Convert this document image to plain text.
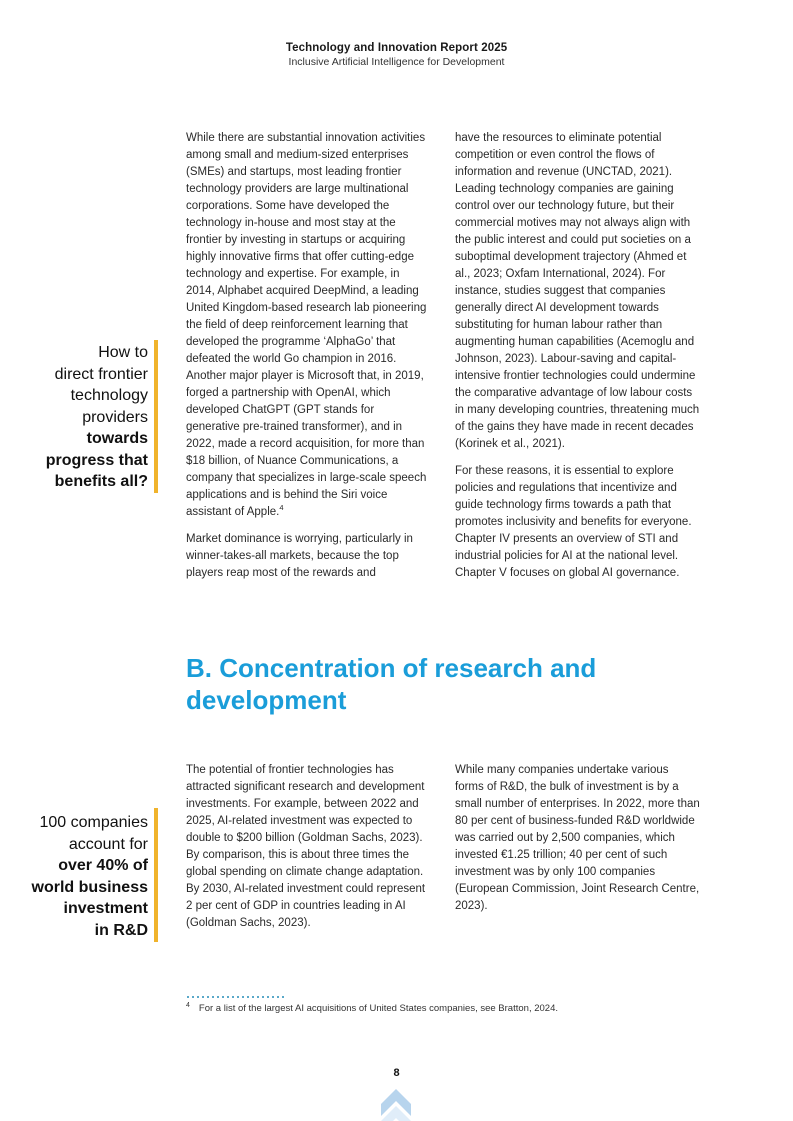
Technology and Innovation Report 2025
Inclusive Artificial Intelligence for Development
How to
direct frontier
technology
providers
towards
progress that
benefits all?

While there are substantial innovation activities among small and medium-sized enterprises (SMEs) and startups, most leading frontier technology providers are large multinational corporations. Some have developed the technology in-house and most stay at the frontier by investing in startups or acquiring highly innovative firms that offer cutting-edge technology and expertise. For example, in 2014, Alphabet acquired DeepMind, a leading United Kingdom-based research lab pioneering the field of deep reinforcement learning that developed the programme ‘AlphaGo’ that defeated the world Go champion in 2016. Another major player is Microsoft that, in 2019, forged a partnership with OpenAI, which developed ChatGPT (GPT stands for generative pre-trained transformer), and in 2022, made a record acquisition, for more than $18 billion, of Nuance Communications, a company that specializes in large-scale speech applications and is behind the Siri voice assistant of Apple.$^4$

Market dominance is worrying, particularly in winner-takes-all markets, because the top players reap most of the rewards and

have the resources to eliminate potential competition or even control the flows of information and revenue (UNCTAD, 2021). Leading technology companies are gaining control over our technology future, but their commercial motives may not always align with the public interest and could put societies on a suboptimal development trajectory (Ahmed et al., 2023; Oxfam International, 2024). For instance, studies suggest that companies generally direct AI development towards substituting for human labour rather than augmenting human capabilities (Acemoglu and Johnson, 2023). Labour-saving and capital-intensive frontier technologies could undermine the comparative advantage of low labour costs in many developing countries, threatening much of the gains they have made in recent decades (Korinek et al., 2021).

For these reasons, it is essential to explore policies and regulations that incentivize and guide technology firms towards a path that promotes inclusivity and benefits for everyone. Chapter IV presents an overview of STI and industrial policies for AI at the national level. Chapter V focuses on global AI governance.

B. Concentration of research and development
100 companies
account for
over 40% of
world business
investment
in R&D

The potential of frontier technologies has attracted significant research and development investments. For example, between 2022 and 2025, AI-related investment was expected to double to $200 billion (Goldman Sachs, 2023). By comparison, this is about three times the global spending on climate change adaptation. By 2030, AI-related investment could represent 2 per cent of GDP in countries leading in AI (Goldman Sachs, 2023).

While many companies undertake various forms of R&D, the bulk of investment is by a small number of enterprises. In 2022, more than 80 per cent of business-funded R&D worldwide was carried out by 2,500 companies, which invested €1.25 trillion; 40 per cent of such investment was by only 100 companies (European Commission, Joint Research Centre, 2023).

$^4$ For a list of the largest AI acquisitions of United States companies, see Bratton, 2024.
8
